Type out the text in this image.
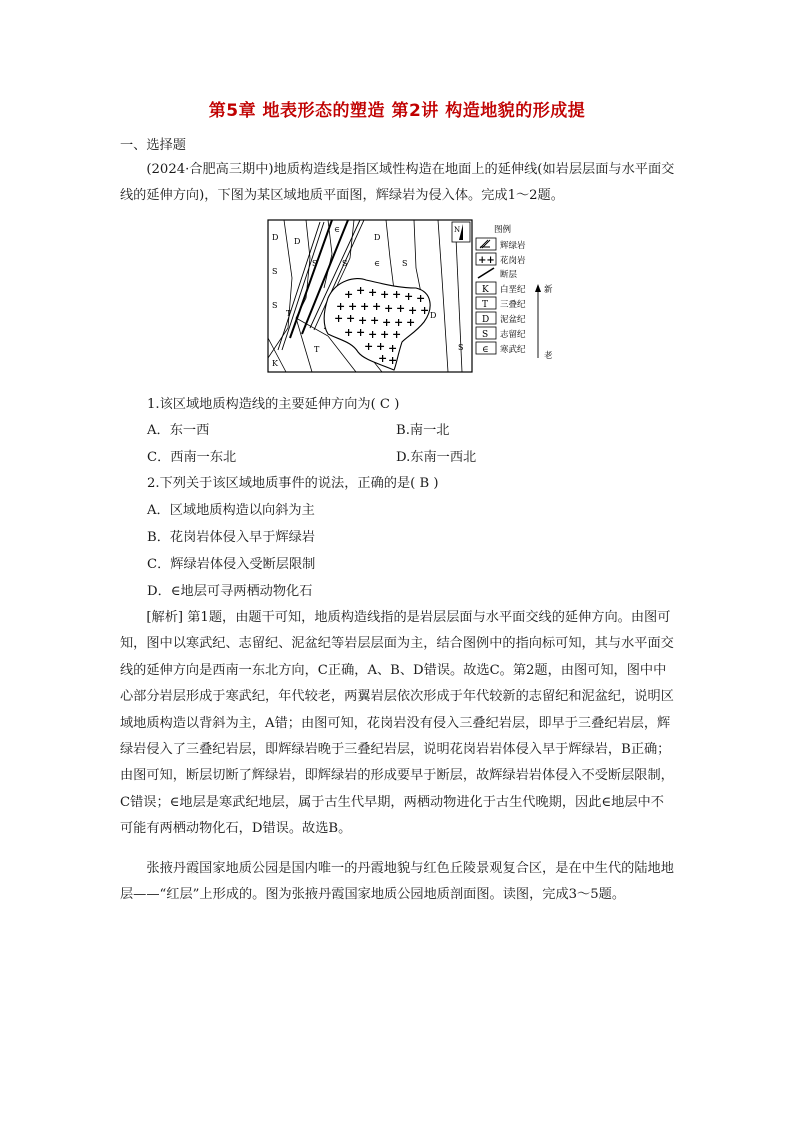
第5章 地表形态的塑造 第2讲 构造地貌的形成提
一、选择题
(2024·合肥高三期中)地质构造线是指区域性构造在地面上的延伸线(如岩层层面与水平面交线的延伸方向)，下图为某区域地质平面图，辉绿岩为侵入体。完成1～2题。
+ + + + + + +
+ + + + + + + +
+ + + + + + +
+ + + + +
+ + +
+ +
D
S
D
S
S
∈
D
S
T
T
K
S
∈
D
S
N	图例
辉绿岩
++ 花岗岩
断层
K 白垩纪
T 三叠纪
D 泥盆纪
S 志留纪
∈ 寒武纪
新
老
1.该区域地质构造线的主要延伸方向为( C )
A．东一西	B.南一北
C．西南一东北	D.东南一西北
2.下列关于该区域地质事件的说法，正确的是( B )
A．区域地质构造以向斜为主
B．花岗岩体侵入早于辉绿岩
C．辉绿岩体侵入受断层限制
D．∈地层可寻两栖动物化石
[解析] 第1题，由题干可知，地质构造线指的是岩层层面与水平面交线的延伸方向。由图可知，图中以寒武纪、志留纪、泥盆纪等岩层层面为主，结合图例中的指向标可知，其与水平面交线的延伸方向是西南一东北方向，C正确，A、B、D错误。故选C。第2题，由图可知，图中中心部分岩层形成于寒武纪，年代较老，两翼岩层依次形成于年代较新的志留纪和泥盆纪，说明区域地质构造以背斜为主，A错；由图可知，花岗岩没有侵入三叠纪岩层，即早于三叠纪岩层，辉绿岩侵入了三叠纪岩层，即辉绿岩晚于三叠纪岩层，说明花岗岩岩体侵入早于辉绿岩，B正确；由图可知，断层切断了辉绿岩，即辉绿岩的形成要早于断层，故辉绿岩岩体侵入不受断层限制，C错误；∈地层是寒武纪地层，属于古生代早期，两栖动物进化于古生代晚期，因此∈地层中不可能有两栖动物化石，D错误。故选B。
张掖丹霞国家地质公园是国内唯一的丹霞地貌与红色丘陵景观复合区，是在中生代的陆地地层——“红层”上形成的。图为张掖丹霞国家地质公园地质剖面图。读图，完成3～5题。
